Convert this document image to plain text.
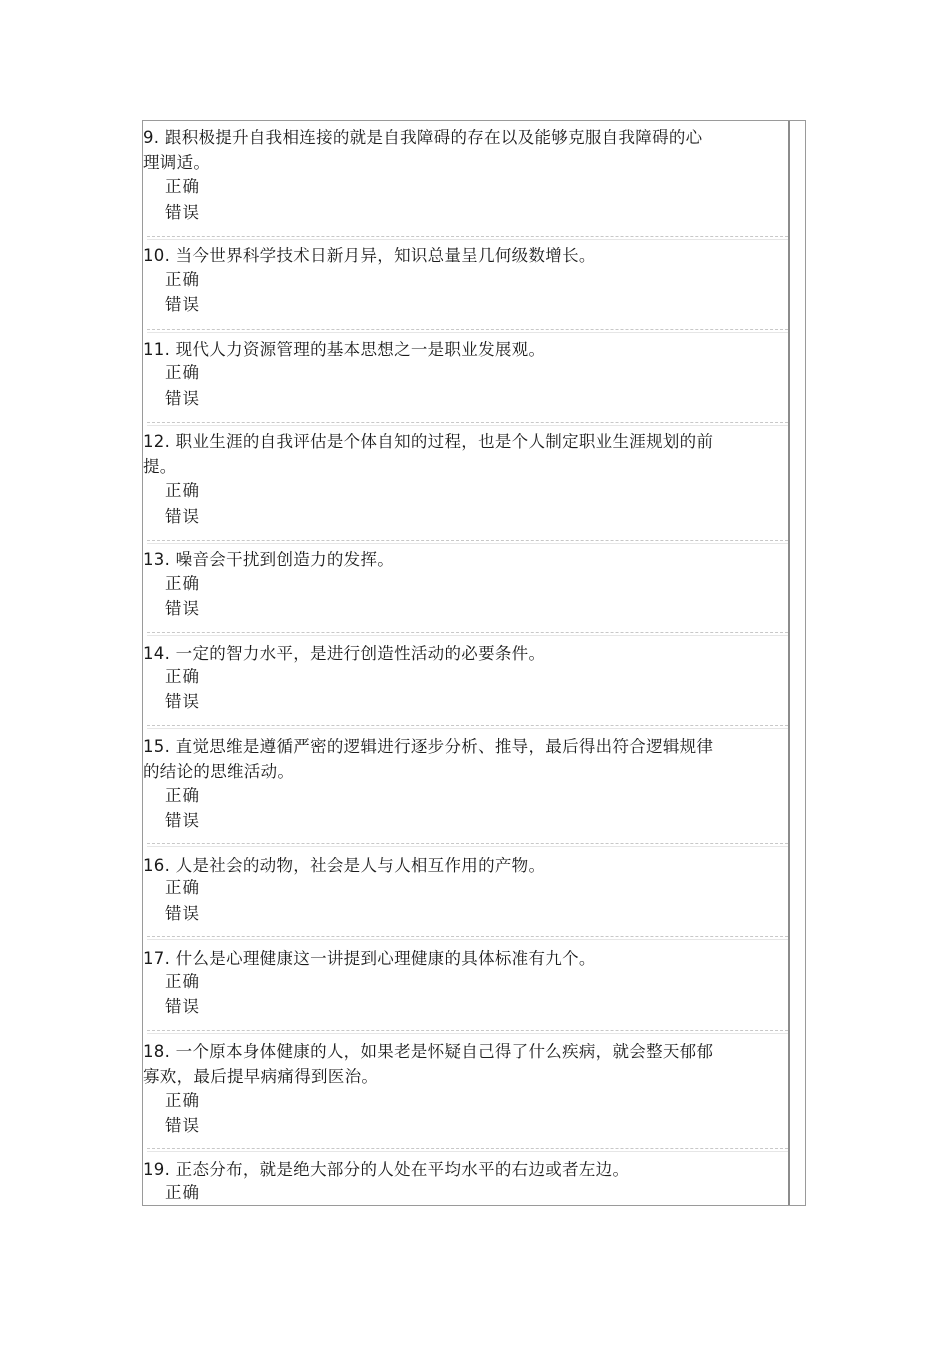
9. 跟积极提升自我相连接的就是自我障碍的存在以及能够克服自我障碍的心
理调适。
正确
错误
10. 当今世界科学技术日新月异，知识总量呈几何级数增长。
正确
错误
11. 现代人力资源管理的基本思想之一是职业发展观。
正确
错误
12. 职业生涯的自我评估是个体自知的过程，也是个人制定职业生涯规划的前
提。
正确
错误
13. 噪音会干扰到创造力的发挥。
正确
错误
14. 一定的智力水平，是进行创造性活动的必要条件。
正确
错误
15. 直觉思维是遵循严密的逻辑进行逐步分析、推导，最后得出符合逻辑规律
的结论的思维活动。
正确
错误
16. 人是社会的动物，社会是人与人相互作用的产物。
正确
错误
17. 什么是心理健康这一讲提到心理健康的具体标准有九个。
正确
错误
18. 一个原本身体健康的人，如果老是怀疑自己得了什么疾病，就会整天郁郁
寡欢，最后提早病痛得到医治。
正确
错误
19. 正态分布，就是绝大部分的人处在平均水平的右边或者左边。
正确
